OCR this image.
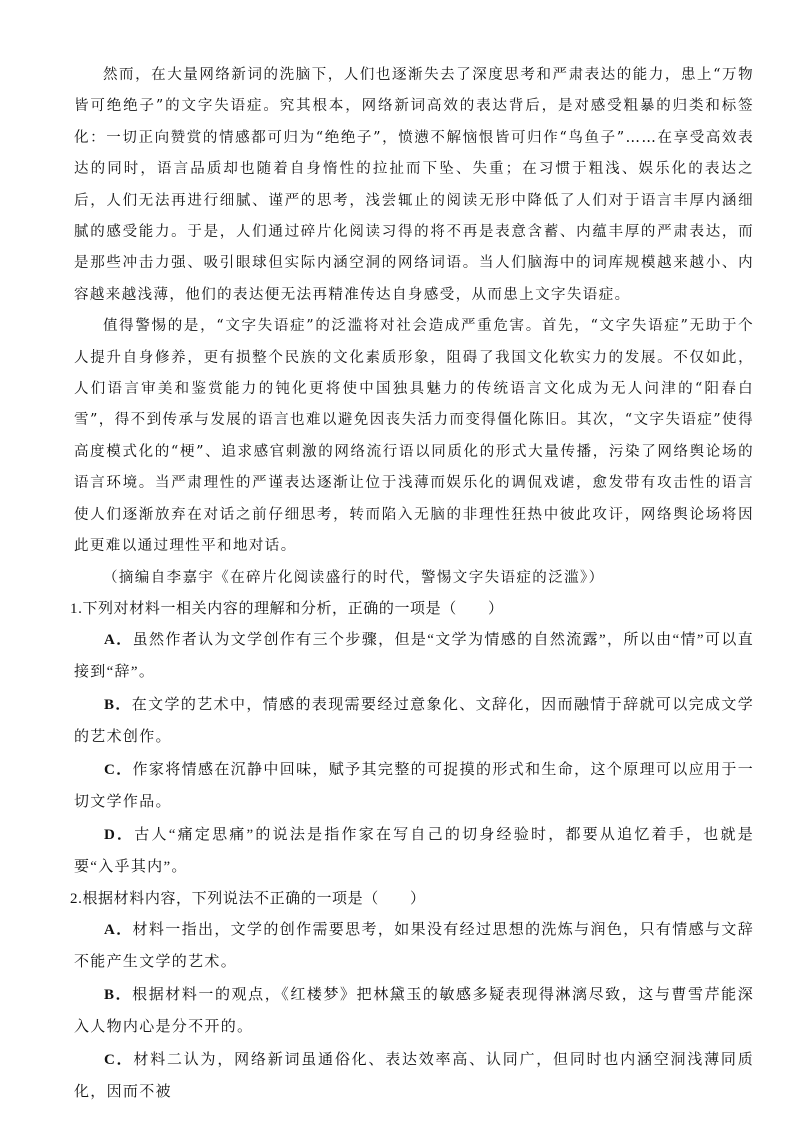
然而，在大量网络新词的洗脑下，人们也逐渐失去了深度思考和严肃表达的能力，患上“万物皆可绝绝子”的文字失语症。究其根本，网络新词高效的表达背后，是对感受粗暴的归类和标签化：一切正向赞赏的情感都可归为“绝绝子”，愤懑不解恼恨皆可归作“鸟鱼子”……在享受高效表达的同时，语言品质却也随着自身惰性的拉扯而下坠、失重；在习惯于粗浅、娱乐化的表达之后，人们无法再进行细腻、谨严的思考，浅尝辄止的阅读无形中降低了人们对于语言丰厚内涵细腻的感受能力。于是，人们通过碎片化阅读习得的将不再是表意含蓄、内蕴丰厚的严肃表达，而是那些冲击力强、吸引眼球但实际内涵空洞的网络词语。当人们脑海中的词库规模越来越小、内容越来越浅薄，他们的表达便无法再精准传达自身感受，从而患上文字失语症。

值得警惕的是，“文字失语症”的泛滥将对社会造成严重危害。首先，“文字失语症”无助于个人提升自身修养，更有损整个民族的文化素质形象，阻碍了我国文化软实力的发展。不仅如此，人们语言审美和鉴赏能力的钝化更将使中国独具魅力的传统语言文化成为无人问津的“阳春白雪”，得不到传承与发展的语言也难以避免因丧失活力而变得僵化陈旧。其次，“文字失语症”使得高度模式化的“梗”、追求感官刺激的网络流行语以同质化的形式大量传播，污染了网络舆论场的语言环境。当严肃理性的严谨表达逐渐让位于浅薄而娱乐化的调侃戏谑，愈发带有攻击性的语言使人们逐渐放弃在对话之前仔细思考，转而陷入无脑的非理性狂热中彼此攻讦，网络舆论场将因此更难以通过理性平和地对话。

（摘编自李嘉宇《在碎片化阅读盛行的时代，警惕文字失语症的泛滥》）

1.下列对材料一相关内容的理解和分析，正确的一项是（　　）

A．虽然作者认为文学创作有三个步骤，但是“文学为情感的自然流露”，所以由“情”可以直接到“辞”。

B．在文学的艺术中，情感的表现需要经过意象化、文辞化，因而融情于辞就可以完成文学的艺术创作。

C．作家将情感在沉静中回味，赋予其完整的可捉摸的形式和生命，这个原理可以应用于一切文学作品。

D．古人“痛定思痛”的说法是指作家在写自己的切身经验时，都要从追忆着手，也就是要“入乎其内”。

2.根据材料内容，下列说法不正确的一项是（　　）

A．材料一指出，文学的创作需要思考，如果没有经过思想的洗炼与润色，只有情感与文辞不能产生文学的艺术。

B．根据材料一的观点，《红楼梦》把林黛玉的敏感多疑表现得淋漓尽致，这与曹雪芹能深入人物内心是分不开的。

C．材料二认为，网络新词虽通俗化、表达效率高、认同广，但同时也内涵空洞浅薄同质化，因而不被
